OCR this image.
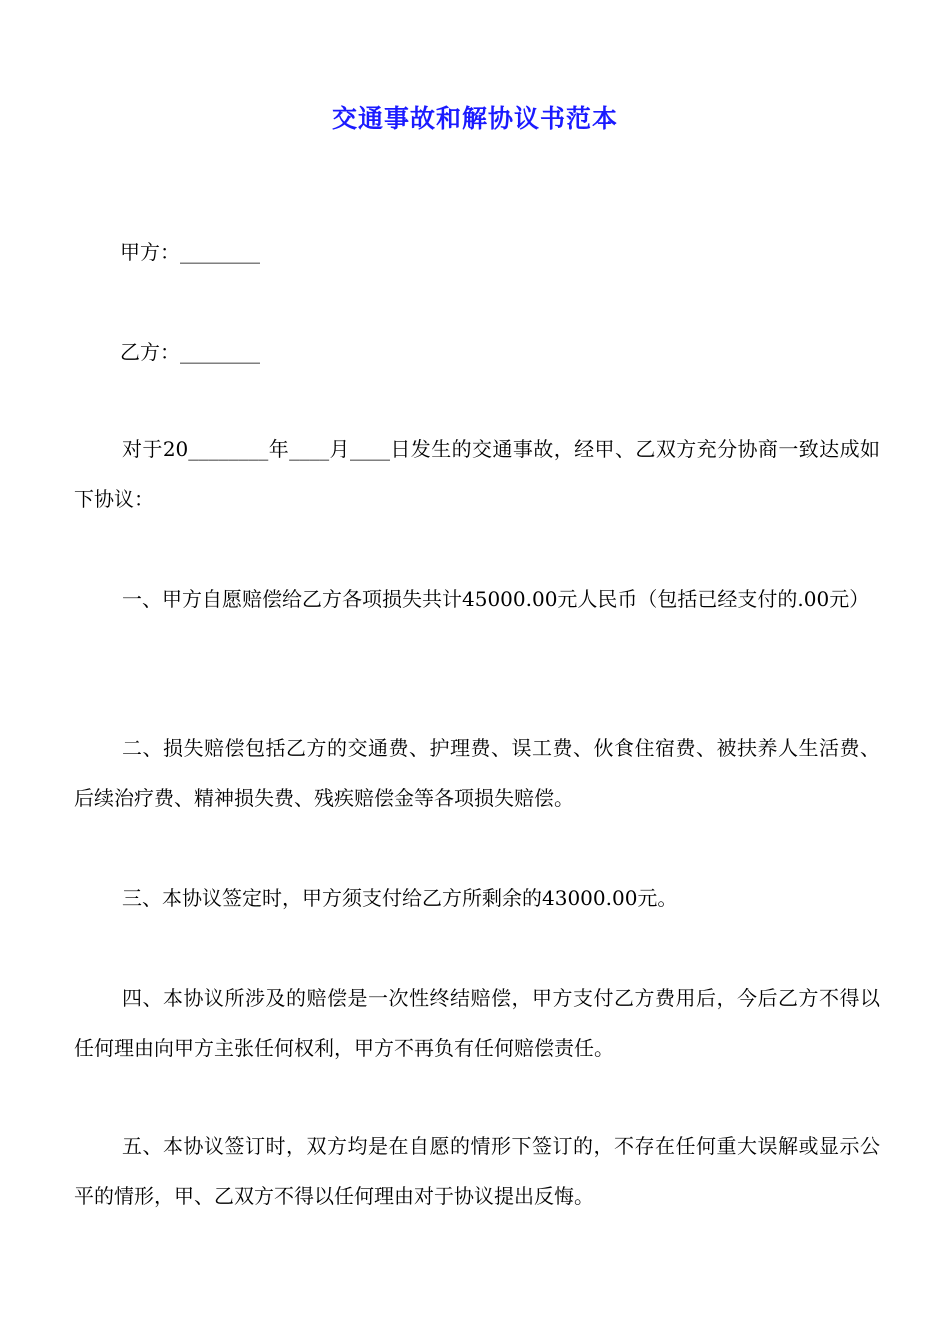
交通事故和解协议书范本

甲方：________

乙方：________

对于20________年____月____日发生的交通事故，经甲、乙双方充分协商一致达成如下协议：

一、甲方自愿赔偿给乙方各项损失共计45000.00元人民币（包括已经支付的.00元）

二、损失赔偿包括乙方的交通费、护理费、误工费、伙食住宿费、被扶养人生活费、后续治疗费、精神损失费、残疾赔偿金等各项损失赔偿。

三、本协议签定时，甲方须支付给乙方所剩余的43000.00元。

四、本协议所涉及的赔偿是一次性终结赔偿，甲方支付乙方费用后，今后乙方不得以任何理由向甲方主张任何权利，甲方不再负有任何赔偿责任。

五、本协议签订时，双方均是在自愿的情形下签订的，不存在任何重大误解或显示公平的情形，甲、乙双方不得以任何理由对于协议提出反悔。
